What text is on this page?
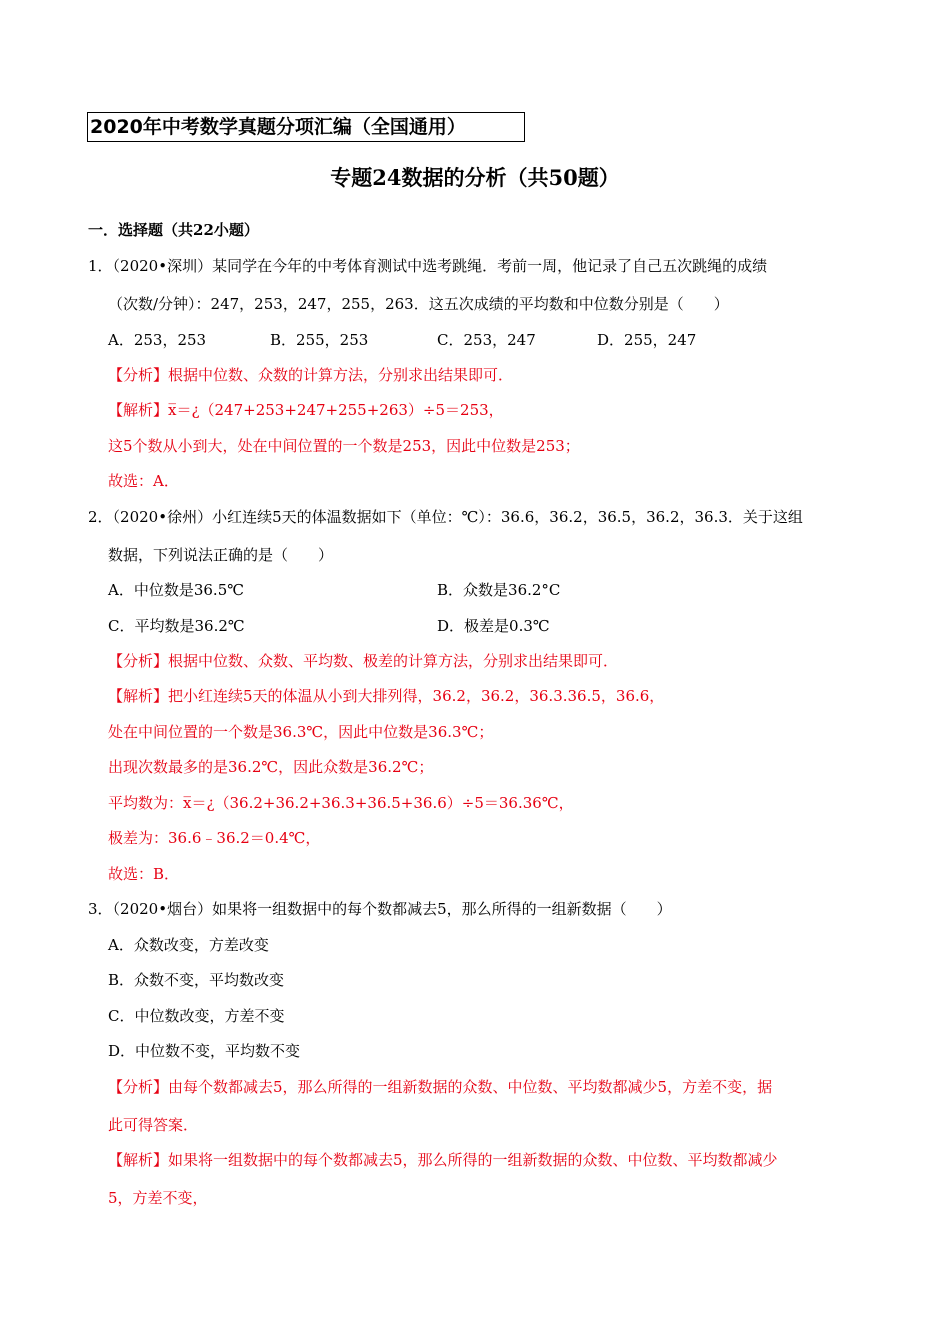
2020年中考数学真题分项汇编（全国通用）
专题24数据的分析（共50题）
一．选择题（共22小题）
1．（2020•深圳）某同学在今年的中考体育测试中选考跳绳．考前一周，他记录了自己五次跳绳的成绩
（次数/分钟）：247，253，247，255，263．这五次成绩的平均数和中位数分别是（　　）
A．253，253	B．255，253	C．253，247	D．255，247
【分析】根据中位数、众数的计算方法，分别求出结果即可．
【解析】x̅＝¿（247+253+247+255+263）÷5＝253，
这5个数从小到大，处在中间位置的一个数是253，因此中位数是253；
故选：A．
2．（2020•徐州）小红连续5天的体温数据如下（单位：℃）：36.6，36.2，36.5，36.2，36.3．关于这组
数据，下列说法正确的是（　　）
A．中位数是36.5℃	B．众数是36.2°C
C．平均数是36.2℃	D．极差是0.3℃
【分析】根据中位数、众数、平均数、极差的计算方法，分别求出结果即可．
【解析】把小红连续5天的体温从小到大排列得，36.2，36.2，36.3.36.5，36.6，
处在中间位置的一个数是36.3℃，因此中位数是36.3℃；
出现次数最多的是36.2℃，因此众数是36.2℃；
平均数为：x̅＝¿（36.2+36.2+36.3+36.5+36.6）÷5＝36.36℃，
极差为：36.6﹣36.2＝0.4℃，
故选：B．
3．（2020•烟台）如果将一组数据中的每个数都减去5，那么所得的一组新数据（　　）
A．众数改变，方差改变
B．众数不变，平均数改变
C．中位数改变，方差不变
D．中位数不变，平均数不变
【分析】由每个数都减去5，那么所得的一组新数据的众数、中位数、平均数都减少5，方差不变，据
此可得答案．
【解析】如果将一组数据中的每个数都减去5，那么所得的一组新数据的众数、中位数、平均数都减少
5，方差不变，
